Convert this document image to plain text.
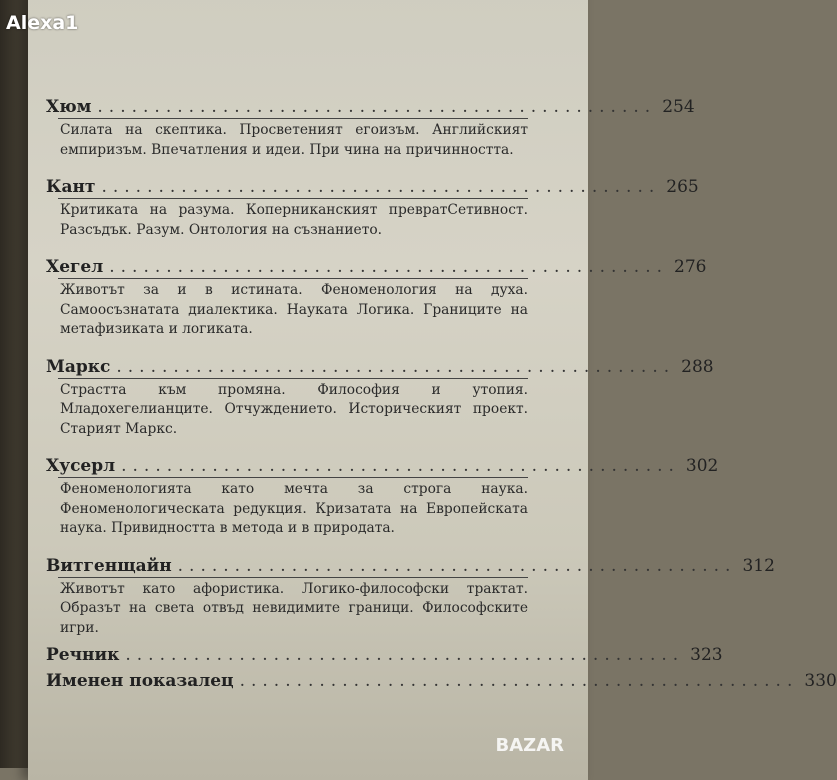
Alexa1
Хюм ................................................. 254
Силата на скептика. Просветеният егоизъм. Английският емпиризъм. Впечатления и идеи. При чина на причинността.
Кант ................................................. 265
Критиката на разума. Коперниканският превратСетивност. Разсъдък. Разум. Онтология на съзнанието.
Хегел ................................................. 276
Животът за и в истината. Феноменология на духа. Самоосъзнатата диалектика. Науката Логика. Границите на метафизиката и логиката.
Маркс ................................................. 288
Страстта към промяна. Философия и утопия. Младохегелианците. Отчуждението. Историческият проект. Старият Маркс.
Хусерл ................................................. 302
Феноменологията като мечта за строга наука. Феноменологическата редукция. Кризатата на Европейската наука. Привидността в метода и в природата.
Витгенщайн ................................................. 312
Животът като афористика. Логико-философски трактат. Образът на света отвъд невидимите граници. Философските игри.
Речник ................................................. 323
Именен показалец ................................................. 330
BAZAR
